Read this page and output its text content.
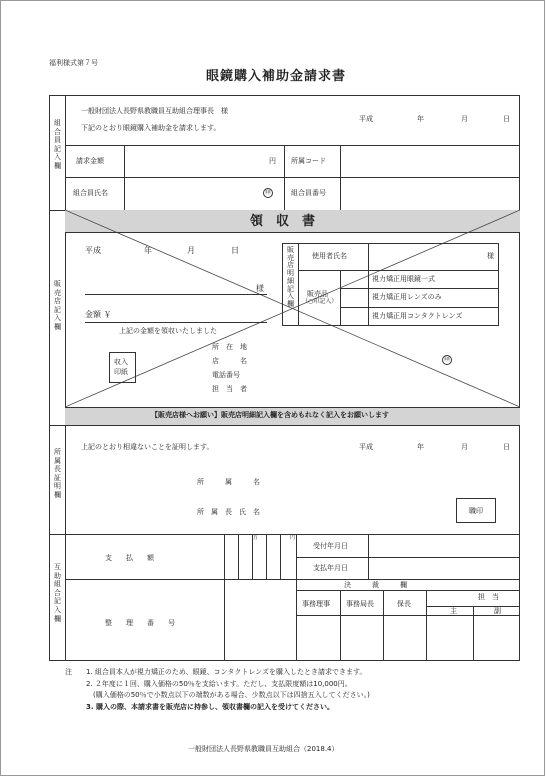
福利様式第７号
眼鏡購入補助金請求書
組合員記入欄
一般財団法人長野県教職員互助組合理事長　様
下記のとおり眼鏡購入補助金を請求します。
平成	年	月	日
請求金額	円 所属コード
組合員氏名	㊞	組合員番号
販売店記入欄
領　収　書
平成	年	月	日
様
金額 ￥
上記の金額を領収いたしました
収入
印紙
所　在　地
店　　　名
電話番号
担　当　者
㊞
販売店明細記入欄
使用者氏名	様
販売品
（○印記入）
視力矯正用眼鏡一式
視力矯正用レンズのみ
視力矯正用コンタクトレンズ
【販売店様へお願い】販売店明細記入欄を含めもれなく記入をお願いします
所属長証明欄
上記のとおり相違ないことを証明します。	平成	年	月	日
所　　　属　　　名
所　属　長　氏　名	職印
互助組合記入欄
支　　払　　額
万	円
受付年月日
支払年月日
決　　　裁　　　欄
事務理事 事務局長	保長
担　当
主	副
整　　理　　番　　号
注 1. 組合員本人が視力矯正のため、眼鏡、コンタクトレンズを購入したとき請求できます。
2. ２年度に１回、購入価格の50％を支給います。ただし、支払限度額は10,000円。
　(購入価格の50％で小数点以下の端数がある場合、少数点以下は四捨五入してください。)
3. 購入の際、本請求書を販売店に持参し、領収書欄の記入を受けてください。
一般財団法人長野県教職員互助組合（2018.4）
